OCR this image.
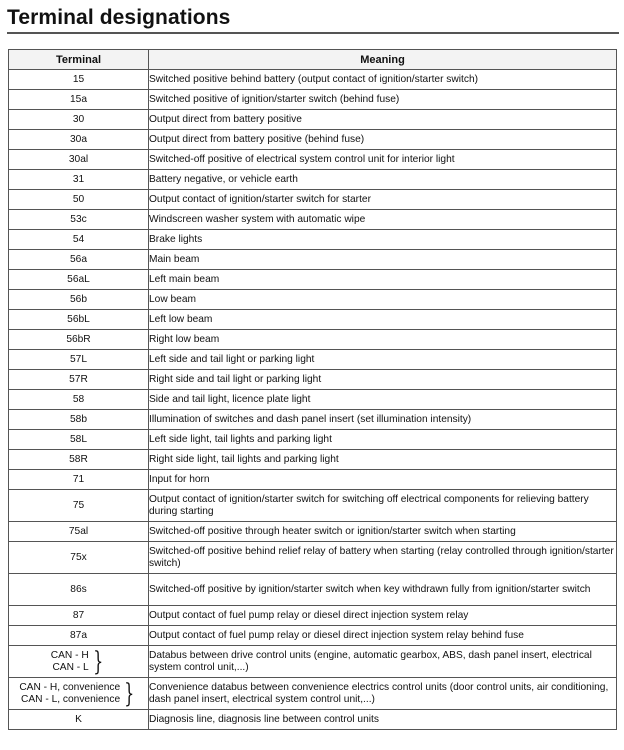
Terminal designations
Terminal	Meaning
15	Switched positive behind battery (output contact of ignition/starter switch)
15a	Switched positive of ignition/starter switch (behind fuse)
30	Output direct from battery positive
30a	Output direct from battery positive (behind fuse)
30al	Switched-off positive of electrical system control unit for interior light
31	Battery negative, or vehicle earth
50	Output contact of ignition/starter switch for starter
53c	Windscreen washer system with automatic wipe
54	Brake lights
56a	Main beam
56aL	Left main beam
56b	Low beam
56bL	Left low beam
56bR	Right low beam
57L	Left side and tail light or parking light
57R	Right side and tail light or parking light
58	Side and tail light, licence plate light
58b	Illumination of switches and dash panel insert (set illumination intensity)
58L	Left side light, tail lights and parking light
58R	Right side light, tail lights and parking light
71	Input for horn
75	Output contact of ignition/starter switch for switching off electrical components for relieving battery during starting
75al	Switched-off positive through heater switch or ignition/starter switch when starting
75x	Switched-off positive behind relief relay of battery when starting (relay controlled through ignition/starter switch)
86s	Switched-off positive by ignition/starter switch when key withdrawn fully from ignition/starter switch
87	Output contact of fuel pump relay or diesel direct injection system relay
87a	Output contact of fuel pump relay or diesel direct injection system relay behind fuse

CAN - H
CAN - L }	Databus between drive control units (engine, automatic gearbox, ABS, dash panel insert, electrical system control unit,...)

CAN - H, convenience
CAN - L, convenience }	Convenience databus between convenience electrics control units (door control units, air conditioning, dash panel insert, electrical system control unit,...)
K	Diagnosis line, diagnosis line between control units
